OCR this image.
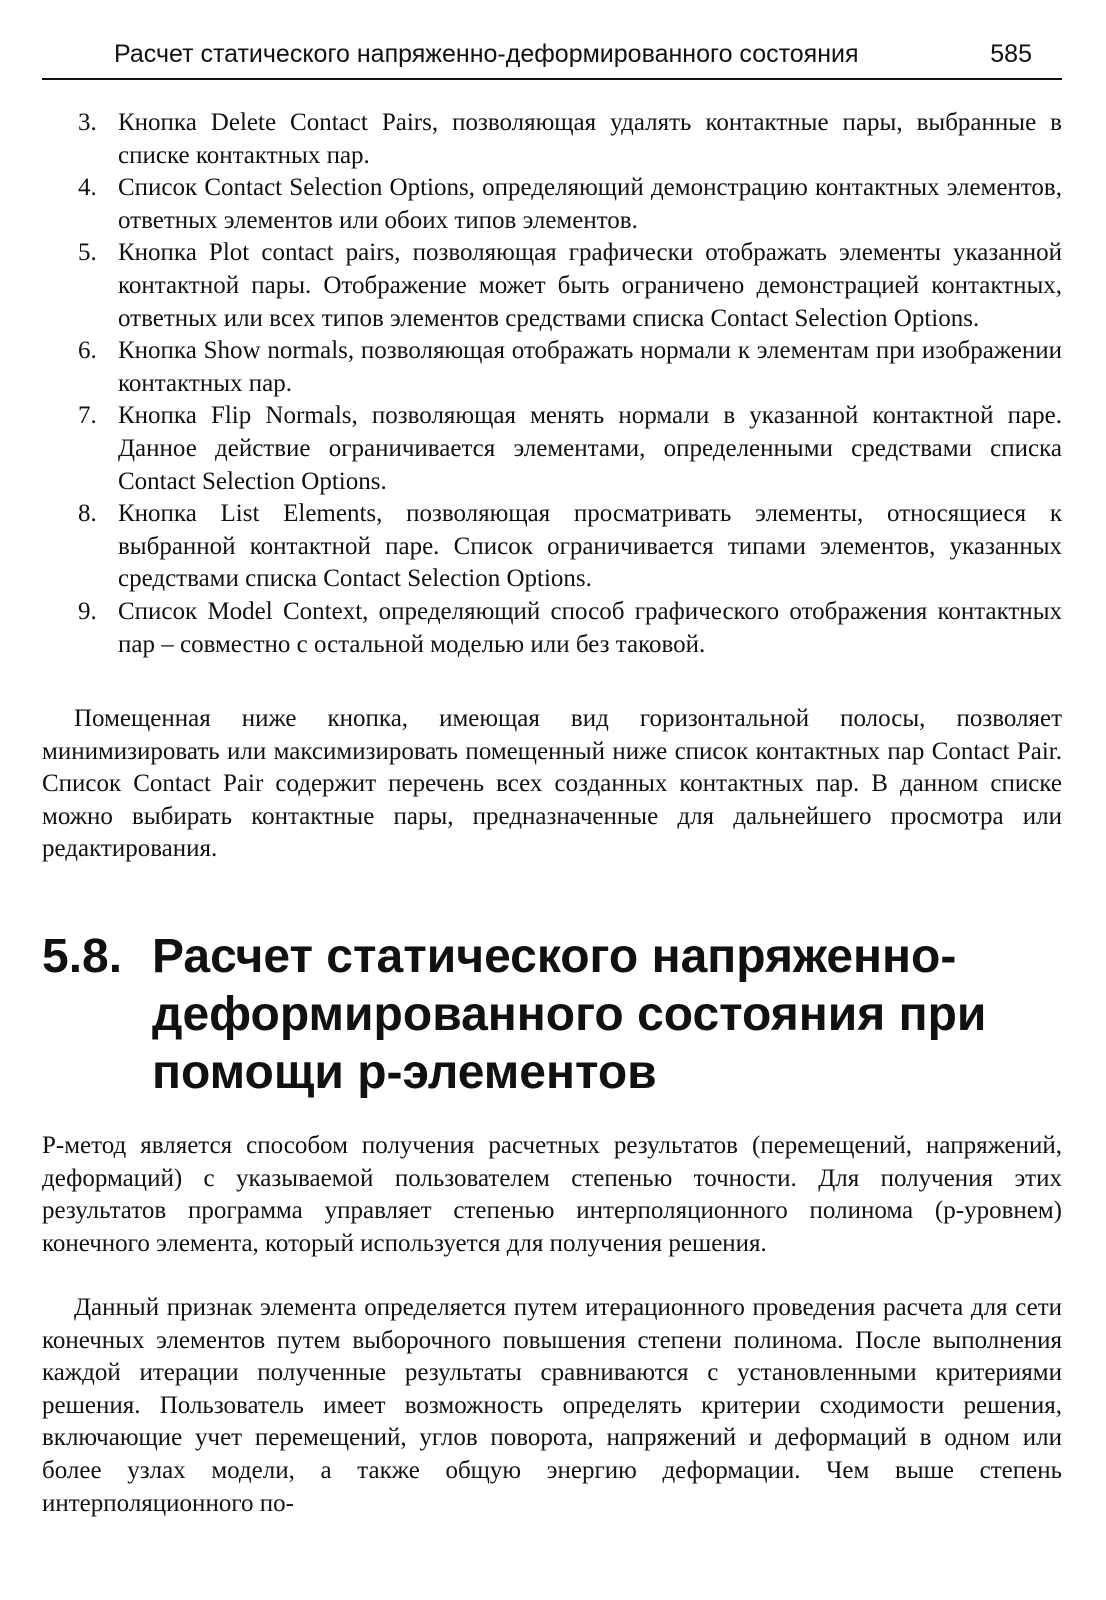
Расчет статического напряженно-деформированного состояния	585
3. Кнопка Delete Contact Pairs, позволяющая удалять контактные пары, выбранные в списке контактных пар.
4. Список Contact Selection Options, определяющий демонстрацию контактных элементов, ответных элементов или обоих типов элементов.
5. Кнопка Plot contact pairs, позволяющая графически отображать элементы указанной контактной пары. Отображение может быть ограничено демонстрацией контактных, ответных или всех типов элементов средствами списка Contact Selection Options.
6. Кнопка Show normals, позволяющая отображать нормали к элементам при изображении контактных пар.
7. Кнопка Flip Normals, позволяющая менять нормали в указанной контактной паре. Данное действие ограничивается элементами, определенными средствами списка Contact Selection Options.
8. Кнопка List Elements, позволяющая просматривать элементы, относящиеся к выбранной контактной паре. Список ограничивается типами элементов, указанных средствами списка Contact Selection Options.
9. Список Model Context, определяющий способ графического отображения контактных пар – совместно с остальной моделью или без таковой.

Помещенная ниже кнопка, имеющая вид горизонтальной полосы, позволяет минимизировать или максимизировать помещенный ниже список контактных пар Contact Pair. Список Contact Pair содержит перечень всех созданных контактных пар. В данном списке можно выбирать контактные пары, предназначенные для дальнейшего просмотра или редактирования.

5.8. Расчет статического напряженно-деформированного состояния при помощи р-элементов

Р-метод является способом получения расчетных результатов (перемещений, напряжений, деформаций) с указываемой пользователем степенью точности. Для получения этих результатов программа управляет степенью интерполяционного полинома (р-уровнем) конечного элемента, который используется для получения решения.

Данный признак элемента определяется путем итерационного проведения расчета для сети конечных элементов путем выборочного повышения степени полинома. После выполнения каждой итерации полученные результаты сравниваются с установленными критериями решения. Пользователь имеет возможность определять критерии сходимости решения, включающие учет перемещений, углов поворота, напряжений и деформаций в одном или более узлах модели, а также общую энергию деформации. Чем выше степень интерполяционного по-
